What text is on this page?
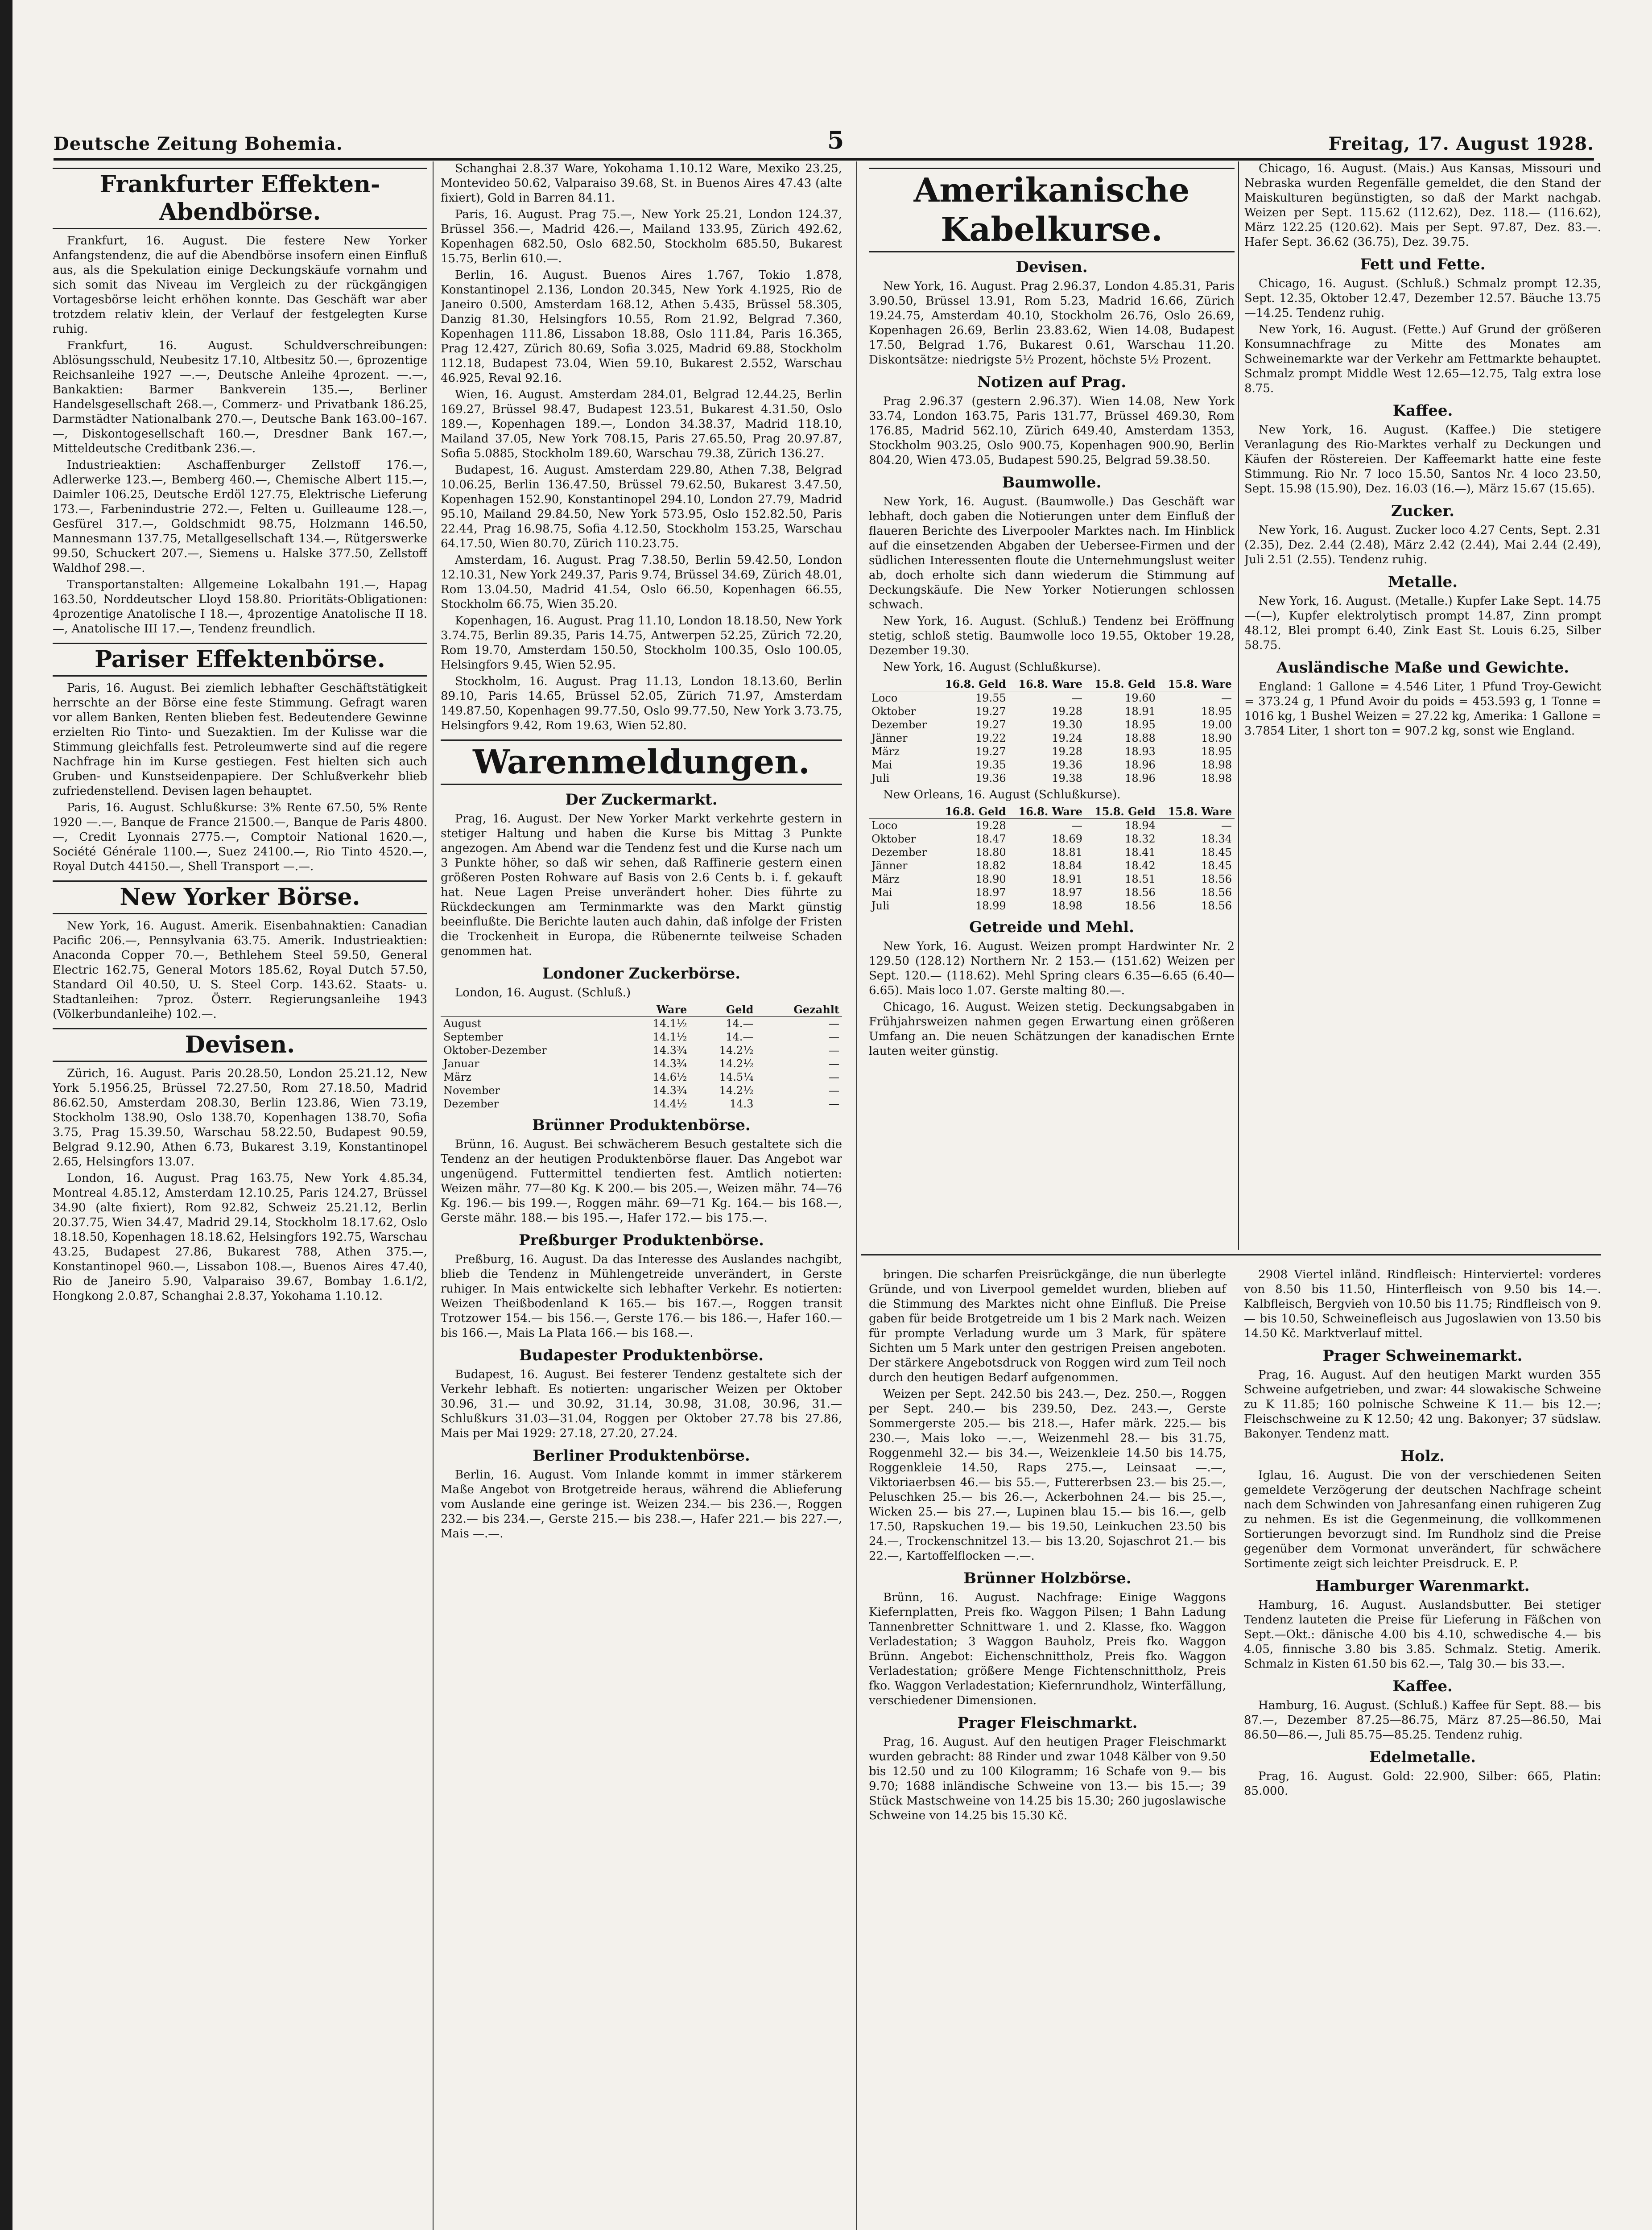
Deutsche Zeitung Bohemia.	5	Freitag, 17. August 1928.
Frankfurter Effekten-Abendbörse.

Frankfurt, 16. August. Die festere New Yorker Anfangstendenz, die auf die Abendbörse insofern einen Einfluß aus, als die Spekulation einige Deckungskäufe vornahm und sich somit das Niveau im Vergleich zu der rückgängigen Vortagesbörse leicht erhöhen konnte. Das Geschäft war aber trotzdem relativ klein, der Verlauf der festgelegten Kurse ruhig.

Frankfurt, 16. August. Schuldverschreibungen: Ablösungsschuld, Neubesitz 17.10, Altbesitz 50.—, 6prozentige Reichsanleihe 1927 —.—, Deutsche Anleihe 4prozent. —.—, Bankaktien: Barmer Bankverein 135.—, Berliner Handelsgesellschaft 268.—, Commerz- und Privatbank 186.25, Darmstädter Nationalbank 270.—, Deutsche Bank 163.00–167.—, Diskontogesellschaft 160.—, Dresdner Bank 167.—, Mitteldeutsche Creditbank 236.—.

Industrieaktien: Aschaffenburger Zellstoff 176.—, Adlerwerke 123.—, Bemberg 460.—, Chemische Albert 115.—, Daimler 106.25, Deutsche Erdöl 127.75, Elektrische Lieferung 173.—, Farbenindustrie 272.—, Felten u. Guilleaume 128.—, Gesfürel 317.—, Goldschmidt 98.75, Holzmann 146.50, Mannesmann 137.75, Metallgesellschaft 134.—, Rütgerswerke 99.50, Schuckert 207.—, Siemens u. Halske 377.50, Zellstoff Waldhof 298.—.

Transportanstalten: Allgemeine Lokalbahn 191.—, Hapag 163.50, Norddeutscher Lloyd 158.80. Prioritäts-Obligationen: 4prozentige Anatolische I 18.—, 4prozentige Anatolische II 18.—, Anatolische III 17.—, Tendenz freundlich.

Pariser Effektenbörse.

Paris, 16. August. Bei ziemlich lebhafter Geschäftstätigkeit herrschte an der Börse eine feste Stimmung. Gefragt waren vor allem Banken, Renten blieben fest. Bedeutendere Gewinne erzielten Rio Tinto- und Suezaktien. Im der Kulisse war die Stimmung gleichfalls fest. Petroleumwerte sind auf die regere Nachfrage hin im Kurse gestiegen. Fest hielten sich auch Gruben- und Kunstseidenpapiere. Der Schlußverkehr blieb zufriedenstellend. Devisen lagen behauptet.

Paris, 16. August. Schlußkurse: 3% Rente 67.50, 5% Rente 1920 —.—, Banque de France 21500.—, Banque de Paris 4800.—, Credit Lyonnais 2775.—, Comptoir National 1620.—, Société Générale 1100.—, Suez 24100.—, Rio Tinto 4520.—, Royal Dutch 44150.—, Shell Transport —.—.

New Yorker Börse.

New York, 16. August. Amerik. Eisenbahnaktien: Canadian Pacific 206.—, Pennsylvania 63.75. Amerik. Industrieaktien: Anaconda Copper 70.—, Bethlehem Steel 59.50, General Electric 162.75, General Motors 185.62, Royal Dutch 57.50, Standard Oil 40.50, U. S. Steel Corp. 143.62. Staats- u. Stadtanleihen: 7proz. Österr. Regierungsanleihe 1943 (Völkerbundanleihe) 102.—.

Devisen.

Zürich, 16. August. Paris 20.28.50, London 25.21.12, New York 5.1956.25, Brüssel 72.27.50, Rom 27.18.50, Madrid 86.62.50, Amsterdam 208.30, Berlin 123.86, Wien 73.19, Stockholm 138.90, Oslo 138.70, Kopenhagen 138.70, Sofia 3.75, Prag 15.39.50, Warschau 58.22.50, Budapest 90.59, Belgrad 9.12.90, Athen 6.73, Bukarest 3.19, Konstantinopel 2.65, Helsingfors 13.07.

London, 16. August. Prag 163.75, New York 4.85.34, Montreal 4.85.12, Amsterdam 12.10.25, Paris 124.27, Brüssel 34.90 (alte fixiert), Rom 92.82, Schweiz 25.21.12, Berlin 20.37.75, Wien 34.47, Madrid 29.14, Stockholm 18.17.62, Oslo 18.18.50, Kopenhagen 18.18.62, Helsingfors 192.75, Warschau 43.25, Budapest 27.86, Bukarest 788, Athen 375.—, Konstantinopel 960.—, Lissabon 108.—, Buenos Aires 47.40, Rio de Janeiro 5.90, Valparaiso 39.67, Bombay 1.6.1/2, Hongkong 2.0.87, Schanghai 2.8.37, Yokohama 1.10.12.

Schanghai 2.8.37 Ware, Yokohama 1.10.12 Ware, Mexiko 23.25, Montevideo 50.62, Valparaiso 39.68, St. in Buenos Aires 47.43 (alte fixiert), Gold in Barren 84.11.

Paris, 16. August. Prag 75.—, New York 25.21, London 124.37, Brüssel 356.—, Madrid 426.—, Mailand 133.95, Zürich 492.62, Kopenhagen 682.50, Oslo 682.50, Stockholm 685.50, Bukarest 15.75, Berlin 610.—.

Berlin, 16. August. Buenos Aires 1.767, Tokio 1.878, Konstantinopel 2.136, London 20.345, New York 4.1925, Rio de Janeiro 0.500, Amsterdam 168.12, Athen 5.435, Brüssel 58.305, Danzig 81.30, Helsingfors 10.55, Rom 21.92, Belgrad 7.360, Kopenhagen 111.86, Lissabon 18.88, Oslo 111.84, Paris 16.365, Prag 12.427, Zürich 80.69, Sofia 3.025, Madrid 69.88, Stockholm 112.18, Budapest 73.04, Wien 59.10, Bukarest 2.552, Warschau 46.925, Reval 92.16.

Wien, 16. August. Amsterdam 284.01, Belgrad 12.44.25, Berlin 169.27, Brüssel 98.47, Budapest 123.51, Bukarest 4.31.50, Oslo 189.—, Kopenhagen 189.—, London 34.38.37, Madrid 118.10, Mailand 37.05, New York 708.15, Paris 27.65.50, Prag 20.97.87, Sofia 5.0885, Stockholm 189.60, Warschau 79.38, Zürich 136.27.

Budapest, 16. August. Amsterdam 229.80, Athen 7.38, Belgrad 10.06.25, Berlin 136.47.50, Brüssel 79.62.50, Bukarest 3.47.50, Kopenhagen 152.90, Konstantinopel 294.10, London 27.79, Madrid 95.10, Mailand 29.84.50, New York 573.95, Oslo 152.82.50, Paris 22.44, Prag 16.98.75, Sofia 4.12.50, Stockholm 153.25, Warschau 64.17.50, Wien 80.70, Zürich 110.23.75.

Amsterdam, 16. August. Prag 7.38.50, Berlin 59.42.50, London 12.10.31, New York 249.37, Paris 9.74, Brüssel 34.69, Zürich 48.01, Rom 13.04.50, Madrid 41.54, Oslo 66.50, Kopenhagen 66.55, Stockholm 66.75, Wien 35.20.

Kopenhagen, 16. August. Prag 11.10, London 18.18.50, New York 3.74.75, Berlin 89.35, Paris 14.75, Antwerpen 52.25, Zürich 72.20, Rom 19.70, Amsterdam 150.50, Stockholm 100.35, Oslo 100.05, Helsingfors 9.45, Wien 52.95.

Stockholm, 16. August. Prag 11.13, London 18.13.60, Berlin 89.10, Paris 14.65, Brüssel 52.05, Zürich 71.97, Amsterdam 149.87.50, Kopenhagen 99.77.50, Oslo 99.77.50, New York 3.73.75, Helsingfors 9.42, Rom 19.63, Wien 52.80.

Warenmeldungen.
Der Zuckermarkt.

Prag, 16. August. Der New Yorker Markt verkehrte gestern in stetiger Haltung und haben die Kurse bis Mittag 3 Punkte angezogen. Am Abend war die Tendenz fest und die Kurse nach um 3 Punkte höher, so daß wir sehen, daß Raffinerie gestern einen größeren Posten Rohware auf Basis von 2.6 Cents b. i. f. gekauft hat. Neue Lagen Preise unverändert hoher. Dies führte zu Rückdeckungen am Terminmarkte was den Markt günstig beeinflußte. Die Berichte lauten auch dahin, daß infolge der Fristen die Trockenheit in Europa, die Rübenernte teilweise Schaden genommen hat.

Londoner Zuckerbörse.

London, 16. August. (Schluß.)

	Ware	Geld	Gezahlt
August	14.1½	14.—	—
September	14.1½	14.—	—
Oktober-Dezember	14.3¾	14.2½	—
Januar	14.3¾	14.2½	—
März	14.6½	14.5¼	—
November	14.3¾	14.2½	—
Dezember	14.4½	14.3	—
Brünner Produktenbörse.

Brünn, 16. August. Bei schwächerem Besuch gestaltete sich die Tendenz an der heutigen Produktenbörse flauer. Das Angebot war ungenügend. Futtermittel tendierten fest. Amtlich notierten: Weizen mähr. 77—80 Kg. K 200.— bis 205.—, Weizen mähr. 74—76 Kg. 196.— bis 199.—, Roggen mähr. 69—71 Kg. 164.— bis 168.—, Gerste mähr. 188.— bis 195.—, Hafer 172.— bis 175.—.

Preßburger Produktenbörse.

Preßburg, 16. August. Da das Interesse des Auslandes nachgibt, blieb die Tendenz in Mühlengetreide unverändert, in Gerste ruhiger. In Mais entwickelte sich lebhafter Verkehr. Es notierten: Weizen Theißbodenland K 165.— bis 167.—, Roggen transit Trotzower 154.— bis 156.—, Gerste 176.— bis 186.—, Hafer 160.— bis 166.—, Mais La Plata 166.— bis 168.—.

Budapester Produktenbörse.

Budapest, 16. August. Bei festerer Tendenz gestaltete sich der Verkehr lebhaft. Es notierten: ungarischer Weizen per Oktober 30.96, 31.— und 30.92, 31.14, 30.98, 31.08, 30.96, 31.— Schlußkurs 31.03—31.04, Roggen per Oktober 27.78 bis 27.86, Mais per Mai 1929: 27.18, 27.20, 27.24.

Berliner Produktenbörse.

Berlin, 16. August. Vom Inlande kommt in immer stärkerem Maße Angebot von Brotgetreide heraus, während die Ablieferung vom Auslande eine geringe ist. Weizen 234.— bis 236.—, Roggen 232.— bis 234.—, Gerste 215.— bis 238.—, Hafer 221.— bis 227.—, Mais —.—.

Amerikanische Kabelkurse.
Devisen.

New York, 16. August. Prag 2.96.37, London 4.85.31, Paris 3.90.50, Brüssel 13.91, Rom 5.23, Madrid 16.66, Zürich 19.24.75, Amsterdam 40.10, Stockholm 26.76, Oslo 26.69, Kopenhagen 26.69, Berlin 23.83.62, Wien 14.08, Budapest 17.50, Belgrad 1.76, Bukarest 0.61, Warschau 11.20. Diskontsätze: niedrigste 5½ Prozent, höchste 5½ Prozent.

Notizen auf Prag.

Prag 2.96.37 (gestern 2.96.37). Wien 14.08, New York 33.74, London 163.75, Paris 131.77, Brüssel 469.30, Rom 176.85, Madrid 562.10, Zürich 649.40, Amsterdam 1353, Stockholm 903.25, Oslo 900.75, Kopenhagen 900.90, Berlin 804.20, Wien 473.05, Budapest 590.25, Belgrad 59.38.50.

Baumwolle.

New York, 16. August. (Baumwolle.) Das Geschäft war lebhaft, doch gaben die Notierungen unter dem Einfluß der flaueren Berichte des Liverpooler Marktes nach. Im Hinblick auf die einsetzenden Abgaben der Uebersee-Firmen und der südlichen Interessenten floute die Unternehmungslust weiter ab, doch erholte sich dann wiederum die Stimmung auf Deckungskäufe. Die New Yorker Notierungen schlossen schwach.

New York, 16. August. (Schluß.) Tendenz bei Eröffnung stetig, schloß stetig. Baumwolle loco 19.55, Oktober 19.28, Dezember 19.30.

New York, 16. August (Schlußkurse).

	16.8. Geld	16.8. Ware	15.8. Geld	15.8. Ware
Loco	19.55	—	19.60	—
Oktober	19.27	19.28	18.91	18.95
Dezember	19.27	19.30	18.95	19.00
Jänner	19.22	19.24	18.88	18.90
März	19.27	19.28	18.93	18.95
Mai	19.35	19.36	18.96	18.98
Juli	19.36	19.38	18.96	18.98

New Orleans, 16. August (Schlußkurse).

	16.8. Geld	16.8. Ware	15.8. Geld	15.8. Ware
Loco	19.28	—	18.94	—
Oktober	18.47	18.69	18.32	18.34
Dezember	18.80	18.81	18.41	18.45
Jänner	18.82	18.84	18.42	18.45
März	18.90	18.91	18.51	18.56
Mai	18.97	18.97	18.56	18.56
Juli	18.99	18.98	18.56	18.56
Getreide und Mehl.

New York, 16. August. Weizen prompt Hardwinter Nr. 2 129.50 (128.12) Northern Nr. 2 153.— (151.62) Weizen per Sept. 120.— (118.62). Mehl Spring clears 6.35—6.65 (6.40—6.65). Mais loco 1.07. Gerste malting 80.—.

Chicago, 16. August. Weizen stetig. Deckungsabgaben in Frühjahrsweizen nahmen gegen Erwartung einen größeren Umfang an. Die neuen Schätzungen der kanadischen Ernte lauten weiter günstig.

Chicago, 16. August. (Mais.) Aus Kansas, Missouri und Nebraska wurden Regenfälle gemeldet, die den Stand der Maiskulturen begünstigten, so daß der Markt nachgab. Weizen per Sept. 115.62 (112.62), Dez. 118.— (116.62), März 122.25 (120.62). Mais per Sept. 97.87, Dez. 83.—. Hafer Sept. 36.62 (36.75), Dez. 39.75.

Fett und Fette.

Chicago, 16. August. (Schluß.) Schmalz prompt 12.35, Sept. 12.35, Oktober 12.47, Dezember 12.57. Bäuche 13.75—14.25. Tendenz ruhig.

New York, 16. August. (Fette.) Auf Grund der größeren Konsumnachfrage zu Mitte des Monates am Schweinemarkte war der Verkehr am Fettmarkte behauptet. Schmalz prompt Middle West 12.65—12.75, Talg extra lose 8.75.

Kaffee.

New York, 16. August. (Kaffee.) Die stetigere Veranlagung des Rio-Marktes verhalf zu Deckungen und Käufen der Röstereien. Der Kaffeemarkt hatte eine feste Stimmung. Rio Nr. 7 loco 15.50, Santos Nr. 4 loco 23.50, Sept. 15.98 (15.90), Dez. 16.03 (16.—), März 15.67 (15.65).

Zucker.

New York, 16. August. Zucker loco 4.27 Cents, Sept. 2.31 (2.35), Dez. 2.44 (2.48), März 2.42 (2.44), Mai 2.44 (2.49), Juli 2.51 (2.55). Tendenz ruhig.

Metalle.

New York, 16. August. (Metalle.) Kupfer Lake Sept. 14.75—(—), Kupfer elektrolytisch prompt 14.87, Zinn prompt 48.12, Blei prompt 6.40, Zink East St. Louis 6.25, Silber 58.75.

Ausländische Maße und Gewichte.

England: 1 Gallone = 4.546 Liter, 1 Pfund Troy-Gewicht = 373.24 g, 1 Pfund Avoir du poids = 453.593 g, 1 Tonne = 1016 kg, 1 Bushel Weizen = 27.22 kg, Amerika: 1 Gallone = 3.7854 Liter, 1 short ton = 907.2 kg, sonst wie England.

bringen. Die scharfen Preisrückgänge, die nun überlegte Gründe, und von Liverpool gemeldet wurden, blieben auf die Stimmung des Marktes nicht ohne Einfluß. Die Preise gaben für beide Brotgetreide um 1 bis 2 Mark nach. Weizen für prompte Verladung wurde um 3 Mark, für spätere Sichten um 5 Mark unter den gestrigen Preisen angeboten. Der stärkere Angebotsdruck von Roggen wird zum Teil noch durch den heutigen Bedarf aufgenommen.

Weizen per Sept. 242.50 bis 243.—, Dez. 250.—, Roggen per Sept. 240.— bis 239.50, Dez. 243.—, Gerste Sommergerste 205.— bis 218.—, Hafer märk. 225.— bis 230.—, Mais loko —.—, Weizenmehl 28.— bis 31.75, Roggenmehl 32.— bis 34.—, Weizenkleie 14.50 bis 14.75, Roggenkleie 14.50, Raps 275.—, Leinsaat —.—, Viktoriaerbsen 46.— bis 55.—, Futtererbsen 23.— bis 25.—, Peluschken 25.— bis 26.—, Ackerbohnen 24.— bis 25.—, Wicken 25.— bis 27.—, Lupinen blau 15.— bis 16.—, gelb 17.50, Rapskuchen 19.— bis 19.50, Leinkuchen 23.50 bis 24.—, Trockenschnitzel 13.— bis 13.20, Sojaschrot 21.— bis 22.—, Kartoffelflocken —.—.

Brünner Holzbörse.

Brünn, 16. August. Nachfrage: Einige Waggons Kiefernplatten, Preis fko. Waggon Pilsen; 1 Bahn Ladung Tannenbretter Schnittware 1. und 2. Klasse, fko. Waggon Verladestation; 3 Waggon Bauholz, Preis fko. Waggon Brünn. Angebot: Eichenschnittholz, Preis fko. Waggon Verladestation; größere Menge Fichtenschnittholz, Preis fko. Waggon Verladestation; Kiefernrundholz, Winterfällung, verschiedener Dimensionen.

Prager Fleischmarkt.

Prag, 16. August. Auf den heutigen Prager Fleischmarkt wurden gebracht: 88 Rinder und zwar 1048 Kälber von 9.50 bis 12.50 und zu 100 Kilogramm; 16 Schafe von 9.— bis 9.70; 1688 inländische Schweine von 13.— bis 15.—; 39 Stück Mastschweine von 14.25 bis 15.30; 260 jugoslawische Schweine von 14.25 bis 15.30 Kč.

2908 Viertel inländ. Rindfleisch: Hinterviertel: vorderes von 8.50 bis 11.50, Hinterfleisch von 9.50 bis 14.—. Kalbfleisch, Bergvieh von 10.50 bis 11.75; Rindfleisch von 9.— bis 10.50, Schweinefleisch aus Jugoslawien von 13.50 bis 14.50 Kč. Marktverlauf mittel.

Prager Schweinemarkt.

Prag, 16. August. Auf den heutigen Markt wurden 355 Schweine aufgetrieben, und zwar: 44 slowakische Schweine zu K 11.85; 160 polnische Schweine K 11.— bis 12.—; Fleischschweine zu K 12.50; 42 ung. Bakonyer; 37 südslaw. Bakonyer. Tendenz matt.

Holz.

Iglau, 16. August. Die von der verschiedenen Seiten gemeldete Verzögerung der deutschen Nachfrage scheint nach dem Schwinden von Jahresanfang einen ruhigeren Zug zu nehmen. Es ist die Gegenmeinung, die vollkommenen Sortierungen bevorzugt sind. Im Rundholz sind die Preise gegenüber dem Vormonat unverändert, für schwächere Sortimente zeigt sich leichter Preisdruck. E. P.

Hamburger Warenmarkt.

Hamburg, 16. August. Auslandsbutter. Bei stetiger Tendenz lauteten die Preise für Lieferung in Fäßchen von Sept.—Okt.: dänische 4.00 bis 4.10, schwedische 4.— bis 4.05, finnische 3.80 bis 3.85. Schmalz. Stetig. Amerik. Schmalz in Kisten 61.50 bis 62.—, Talg 30.— bis 33.—.

Kaffee.

Hamburg, 16. August. (Schluß.) Kaffee für Sept. 88.— bis 87.—, Dezember 87.25—86.75, März 87.25—86.50, Mai 86.50—86.—, Juli 85.75—85.25. Tendenz ruhig.

Edelmetalle.

Prag, 16. August. Gold: 22.900, Silber: 665, Platin: 85.000.
